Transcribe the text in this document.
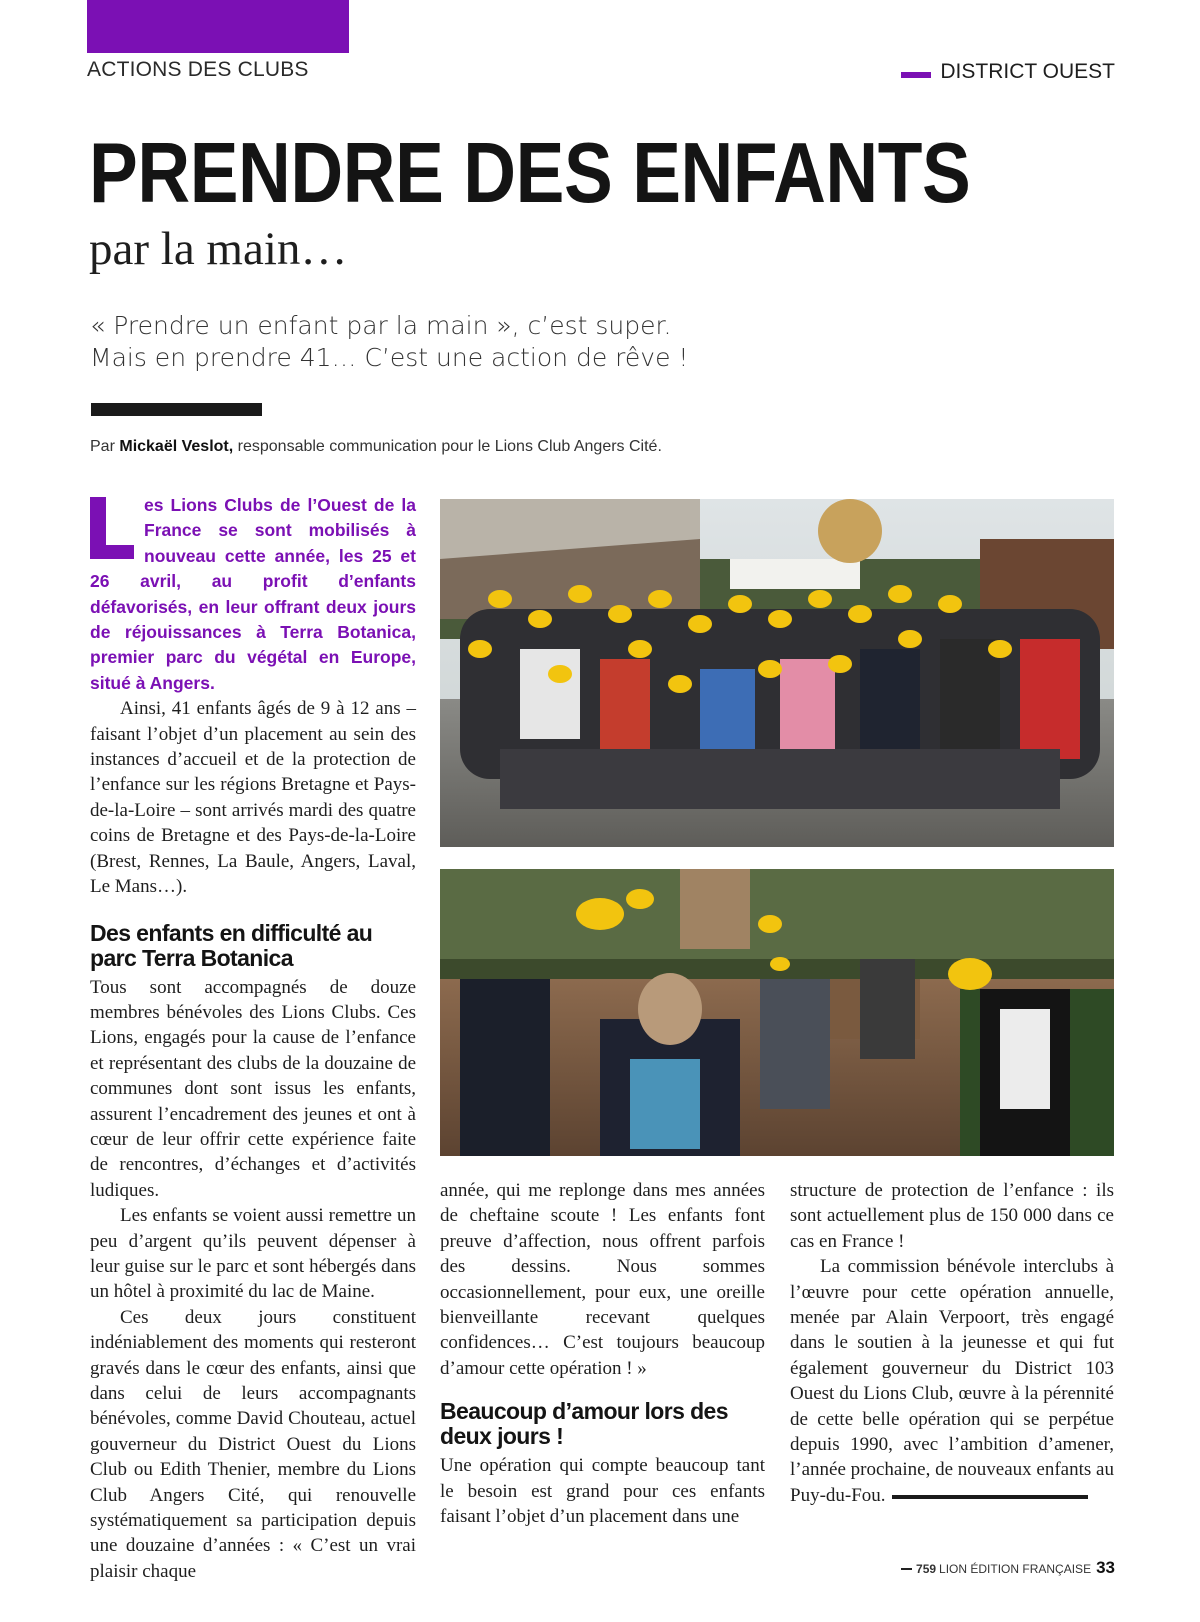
ACTIONS DES CLUBS	DISTRICT OUEST
PRENDRE DES ENFANTS
par la main…
« Prendre un enfant par la main », c’est super.
Mais en prendre 41… C’est une action de rêve !
Par Mickaël Veslot, responsable communication pour le Lions Club Angers Cité.

es Lions Clubs de l’Ouest de la France se sont mobilisés à nouveau cette année, les 25 et 26 avril, au profit d’enfants défavorisés, en leur offrant deux jours de réjouissances à Terra Botanica, premier parc du végétal en Europe, situé à Angers.

Ainsi, 41 enfants âgés de 9 à 12 ans – faisant l’objet d’un placement au sein des instances d’accueil et de la protection de l’enfance sur les régions Bretagne et Pays-de-la-Loire – sont arrivés mardi des quatre coins de Bretagne et des Pays-de-la-Loire (Brest, Rennes, La Baule, Angers, Laval, Le Mans…).

Des enfants en difficulté au parc Terra Botanica

Tous sont accompagnés de douze membres bénévoles des Lions Clubs. Ces Lions, engagés pour la cause de l’enfance et représentant des clubs de la douzaine de communes dont sont issus les enfants, assurent l’encadrement des jeunes et ont à cœur de leur offrir cette expérience faite de rencontres, d’échanges et d’activités ludiques.

Les enfants se voient aussi remettre un peu d’argent qu’ils peuvent dépenser à leur guise sur le parc et sont hébergés dans un hôtel à proximité du lac de Maine.

Ces deux jours constituent indéniablement des moments qui resteront gravés dans le cœur des enfants, ainsi que dans celui de leurs accompagnants bénévoles, comme David Chouteau, actuel gouverneur du District Ouest du Lions Club ou Edith Thenier, membre du Lions Club Angers Cité, qui renouvelle systématiquement sa participation depuis une douzaine d’années : « C’est un vrai plaisir chaque

année, qui me replonge dans mes années de cheftaine scoute ! Les enfants font preuve d’affection, nous offrent parfois des dessins. Nous sommes occasionnellement, pour eux, une oreille bienveillante recevant quelques confidences… C’est toujours beaucoup d’amour cette opération ! »

Beaucoup d’amour lors des deux jours !

Une opération qui compte beaucoup tant le besoin est grand pour ces enfants faisant l’objet d’un placement dans une

structure de protection de l’enfance : ils sont actuellement plus de 150 000 dans ce cas en France !

La commission bénévole interclubs à l’œuvre pour cette opération annuelle, menée par Alain Verpoort, très engagé dans le soutien à la jeunesse et qui fut également gouverneur du District 103 Ouest du Lions Club, œuvre à la pérennité de cette belle opération qui se perpétue depuis 1990, avec l’ambition d’amener, l’année prochaine, de nouveaux enfants au Puy-du-Fou.

759 LION ÉDITION FRANÇAISE 33
